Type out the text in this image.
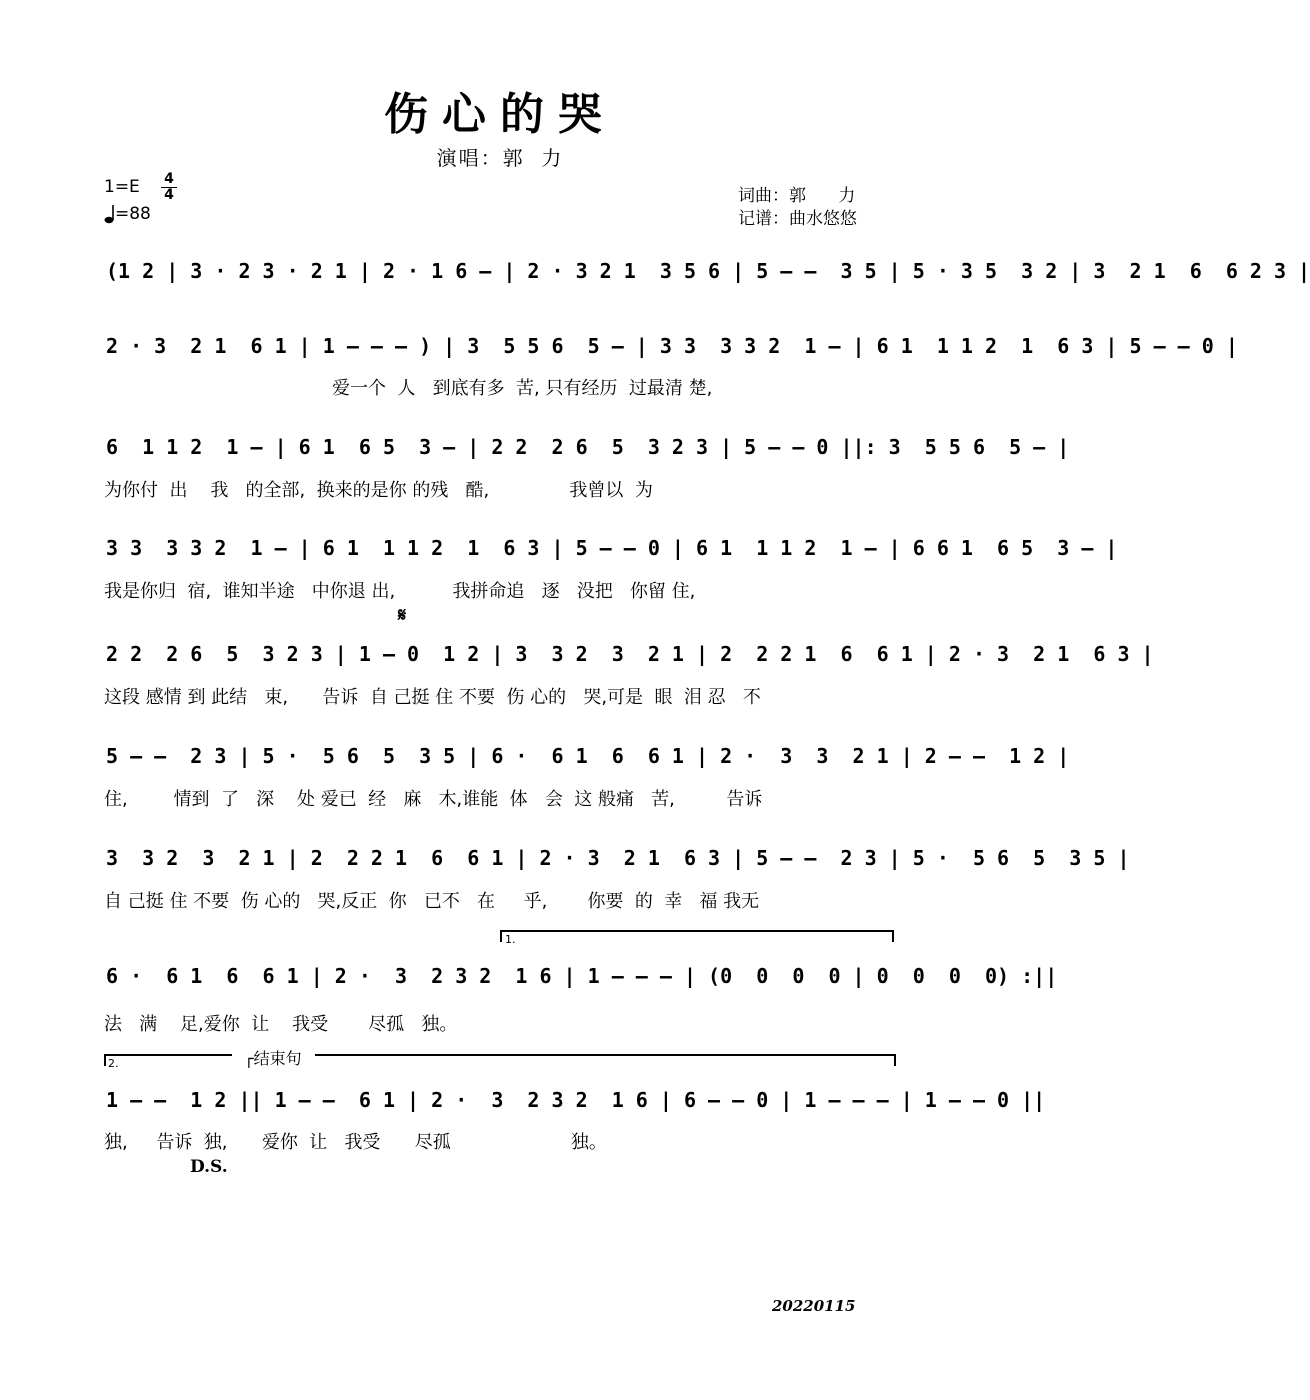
伤心的哭
演唱：郭  力
1=E 4
4
=88
词曲：郭      力
记谱：曲水悠悠
(1 2 | 3 · 2 3 · 2 1 | 2 · 1 6 – | 2 · 3 2 1  3 5 6 | 5 – –  3 5 | 5 · 3 5  3 2 | 3  2 1  6  6 2 3 |
2 · 3  2 1  6 1 | 1 – – – ) | 3  5 5 6  5 – | 3 3  3 3 2  1 – | 6 1  1 1 2  1  6 3 | 5 – – 0 |
爱一个  人   到底有多  苦, 只有经历  过最清 楚,
6  1 1 2  1 – | 6 1  6 5  3 – | 2 2  2 6  5  3 2 3 | 5 – – 0 ||: 3  5 5 6  5 – |
为你付  出    我   的全部,  换来的是你 的残   酷,              我曾以  为
3 3  3 3 2  1 – | 6 1  1 1 2  1  6 3 | 5 – – 0 | 6 1  1 1 2  1 – | 6 6 1  6 5  3 – |
我是你归  宿,  谁知半途   中你退 出,          我拼命追   逐   没把   你留 住,
𝄋
2 2  2 6  5  3 2 3 | 1 – 0  1 2 | 3  3 2  3  2 1 | 2  2 2 1  6  6 1 | 2 · 3  2 1  6 3 |
这段 感情 到 此结   束,      告诉  自 己挺 住 不要  伤 心的   哭,可是  眼  泪 忍   不
5 – –  2 3 | 5 ·  5 6  5  3 5 | 6 ·  6 1  6  6 1 | 2 ·  3  3  2 1 | 2 – –  1 2 |
住,        情到  了   深    处 爱已  经   麻   木,谁能  体   会  这 般痛   苦,         告诉
3  3 2  3  2 1 | 2  2 2 1  6  6 1 | 2 · 3  2 1  6 3 | 5 – –  2 3 | 5 ·  5 6  5  3 5 |
自 己挺 住 不要  伤 心的   哭,反正  你   已不   在     乎,       你要  的  幸   福 我无
1.
6 ·  6 1  6  6 1 | 2 ·  3  2 3 2  1 6 | 1 – – – | (0  0  0  0 | 0  0  0  0) :||
法   满    足,爱你  让    我受       尽孤   独。
2.	┌结束句
1 – –  1 2 || 1 – –  6 1 | 2 ·  3  2 3 2  1 6 | 6 – – 0 | 1 – – – | 1 – – 0 ||
独,     告诉  独,      爱你  让   我受      尽孤                     独。
D.S.
20220115
